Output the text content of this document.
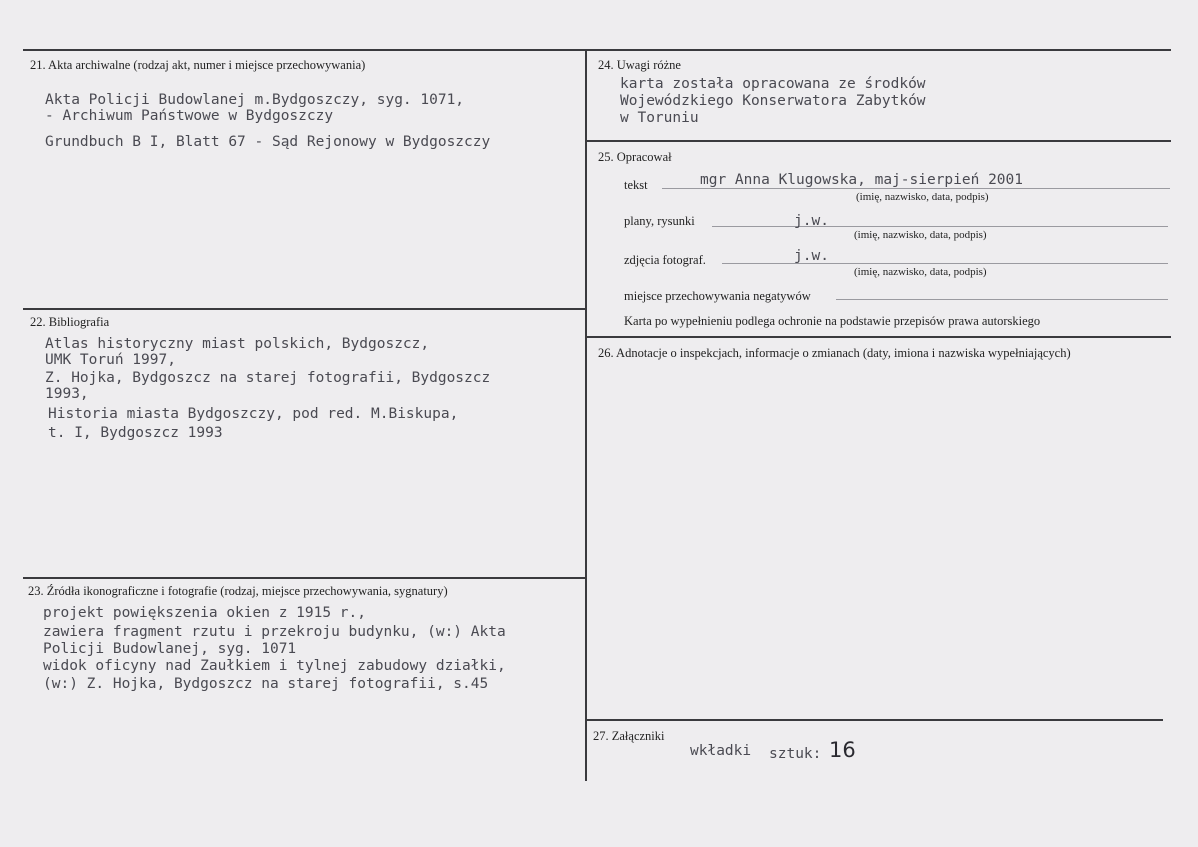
21. Akta archiwalne (rodzaj akt, numer i miejsce przechowywania)
Akta Policji Budowlanej m.Bydgoszczy, syg. 1071,
- Archiwum Państwowe w Bydgoszczy
Grundbuch B I, Blatt 67 - Sąd Rejonowy w Bydgoszczy
22. Bibliografia
Atlas historyczny miast polskich, Bydgoszcz,
UMK Toruń 1997,
Z. Hojka, Bydgoszcz na starej fotografii, Bydgoszcz
1993,
Historia miasta Bydgoszczy, pod red. M.Biskupa,
t. I, Bydgoszcz 1993
23. Źródła ikonograficzne i fotografie (rodzaj, miejsce przechowywania, sygnatury)
projekt powiększenia okien z 1915 r.,
zawiera fragment rzutu i przekroju budynku, (w:) Akta
Policji Budowlanej, syg. 1071
widok oficyny nad Zaułkiem i tylnej zabudowy działki,
(w:) Z. Hojka, Bydgoszcz na starej fotografii, s.45
24. Uwagi różne
karta została opracowana ze środków
Wojewódzkiego Konserwatora Zabytków
w Toruniu
25. Opracował
tekst	mgr Anna Klugowska, maj-sierpień 2001
(imię, nazwisko, data, podpis)
plany, rysunki	j.w.
(imię, nazwisko, data, podpis)
zdjęcia fotograf.	j.w.
(imię, nazwisko, data, podpis)
miejsce przechowywania negatywów
Karta po wypełnieniu podlega ochronie na podstawie przepisów prawa autorskiego
26. Adnotacje o inspekcjach, informacje o zmianach (daty, imiona i nazwiska wypełniających)
27. Załączniki
wkładki sztuk: 16
